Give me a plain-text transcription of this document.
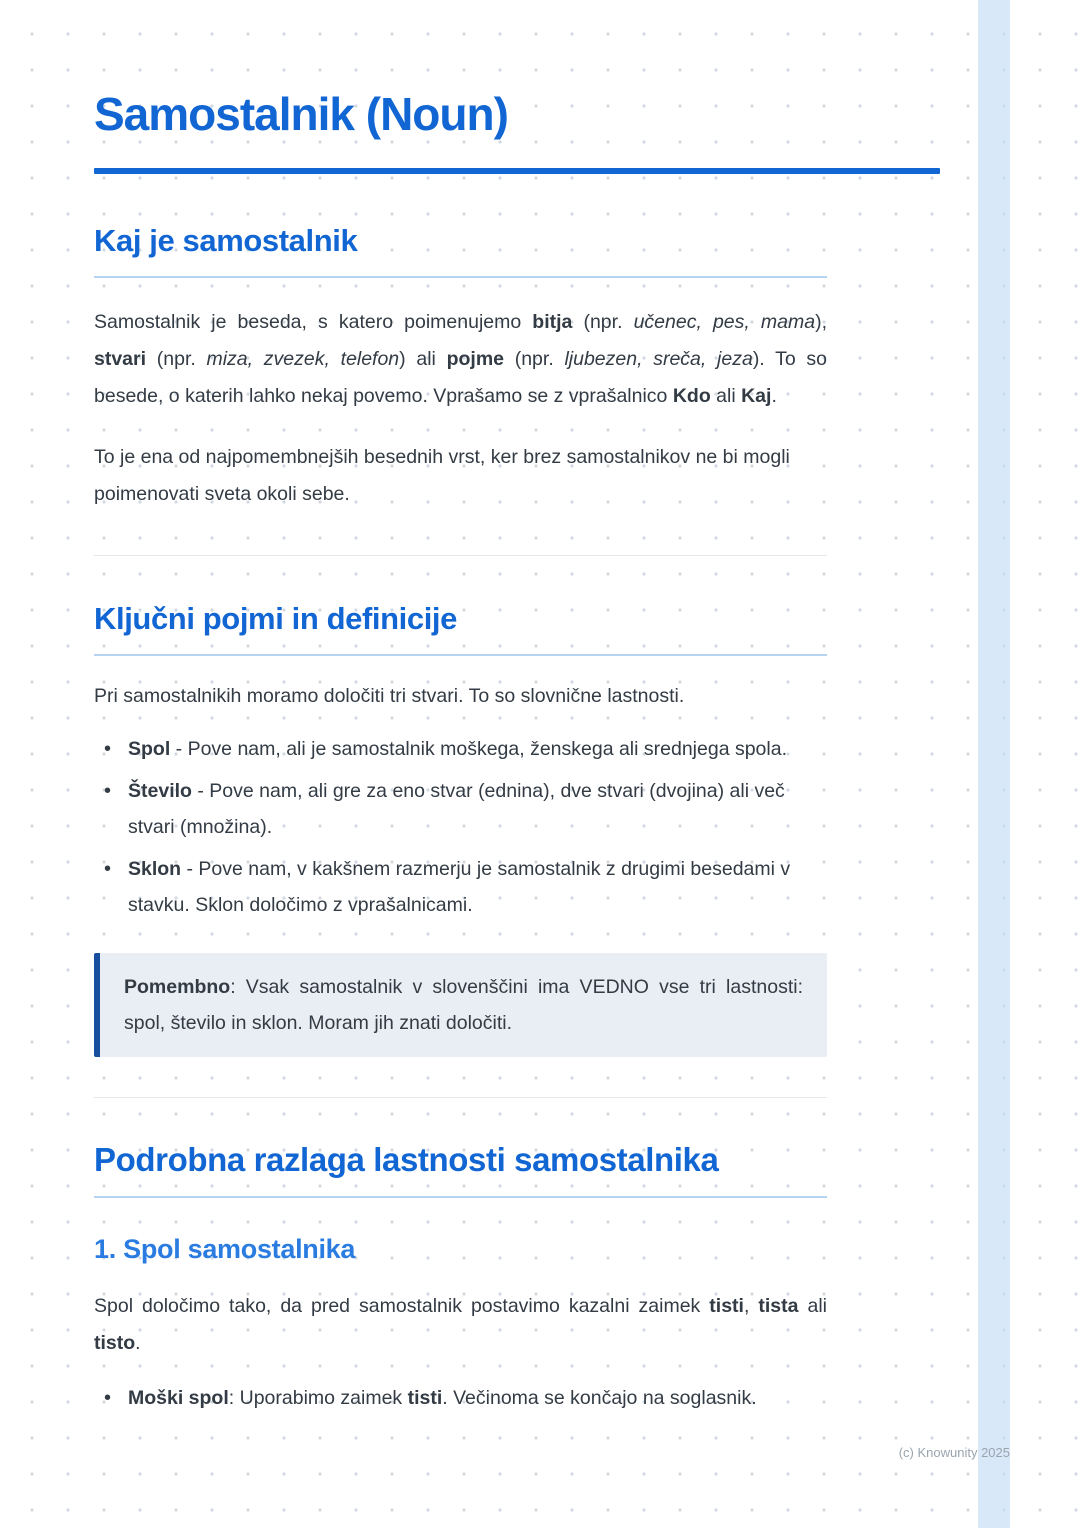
Samostalnik (Noun)
Kaj je samostalnik

Samostalnik je beseda, s katero poimenujemo bitja (npr. učenec, pes, mama), stvari (npr. miza, zvezek, telefon) ali pojme (npr. ljubezen, sreča, jeza). To so besede, o katerih lahko nekaj povemo. Vprašamo se z vprašalnico Kdo ali Kaj.

To je ena od najpomembnejših besednih vrst, ker brez samostalnikov ne bi mogli poimenovati sveta okoli sebe.

Ključni pojmi in definicije

Pri samostalnikih moramo določiti tri stvari. To so slovnične lastnosti.

• Spol - Pove nam, ali je samostalnik moškega, ženskega ali srednjega spola.
• Število - Pove nam, ali gre za eno stvar (ednina), dve stvari (dvojina) ali več stvari (množina).
• Sklon - Pove nam, v kakšnem razmerju je samostalnik z drugimi besedami v stavku. Sklon določimo z vprašalnicami.

Pomembno: Vsak samostalnik v slovenščini ima VEDNO vse tri lastnosti: spol, število in sklon. Moram jih znati določiti.

Podrobna razlaga lastnosti samostalnika
1. Spol samostalnika

Spol določimo tako, da pred samostalnik postavimo kazalni zaimek tisti, tista ali tisto.

• Moški spol: Uporabimo zaimek tisti. Večinoma se končajo na soglasnik.
(c) Knowunity 2025
